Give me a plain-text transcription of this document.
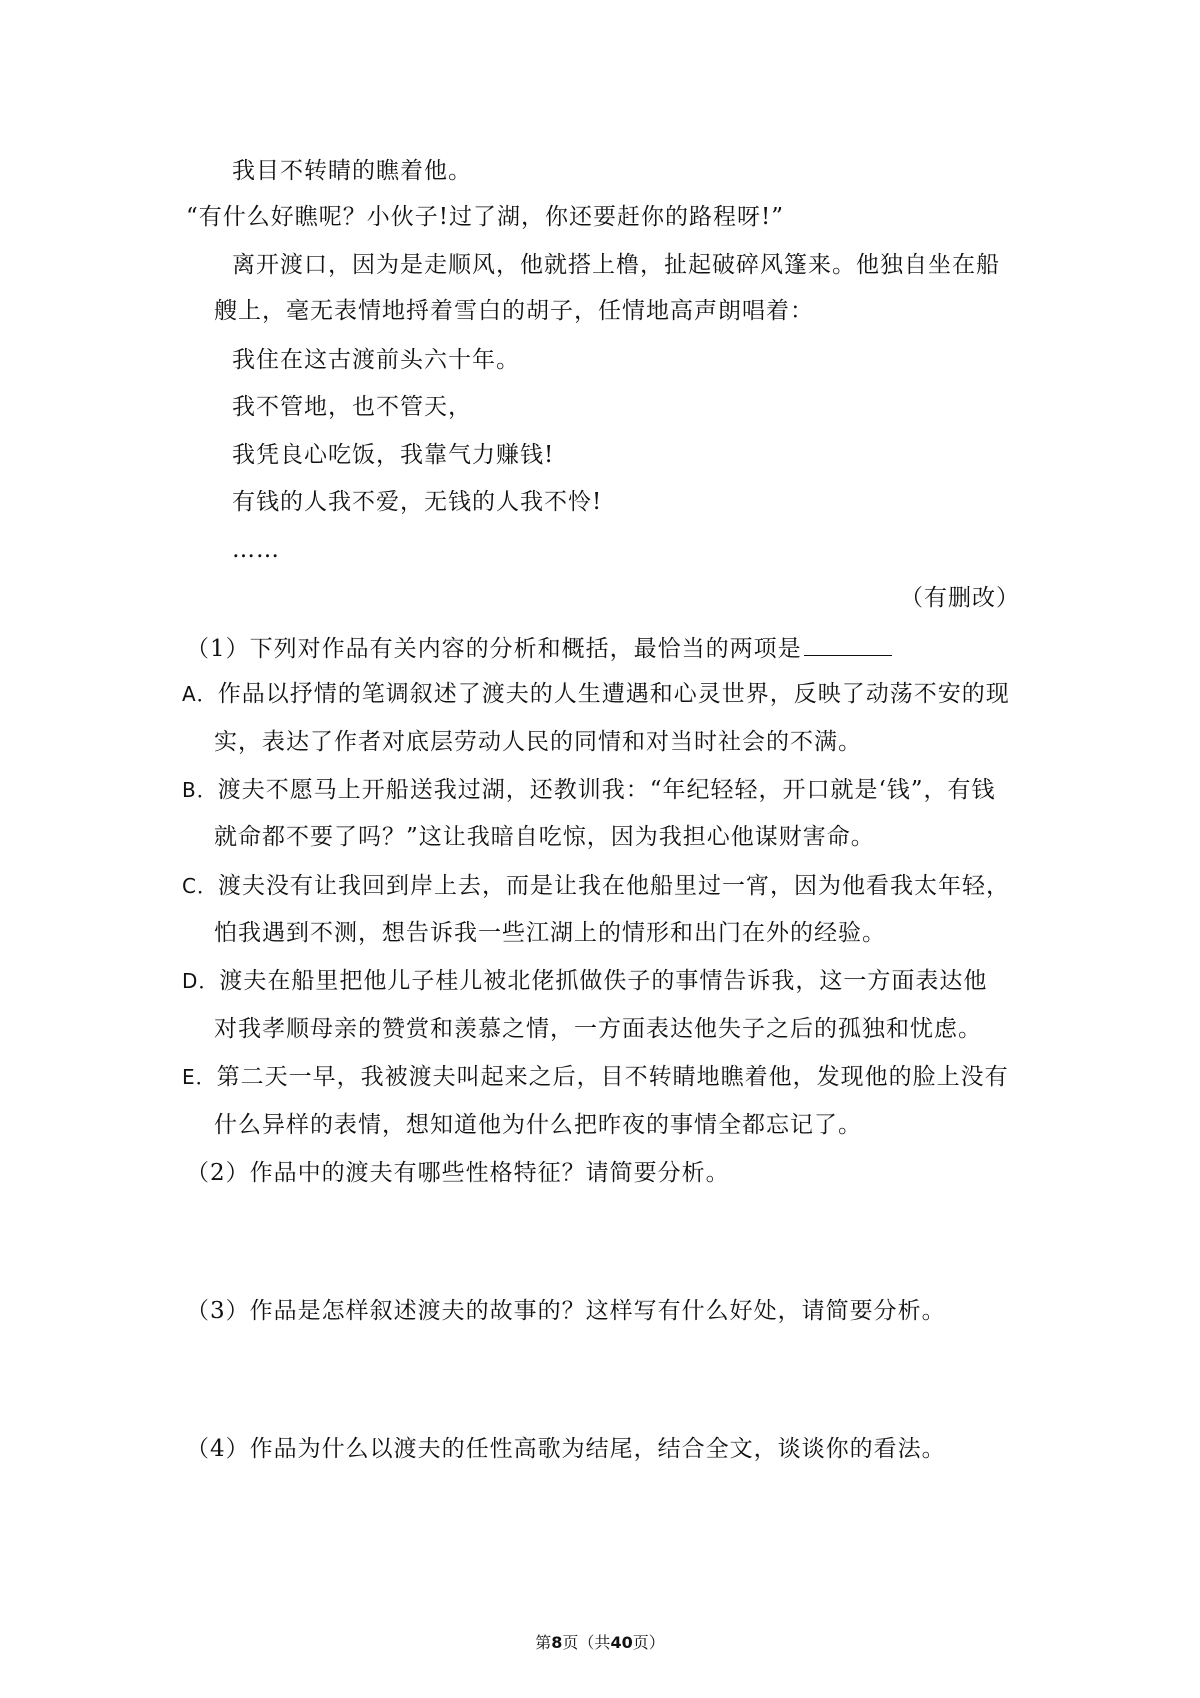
我目不转睛的瞧着他。
“有什么好瞧呢？小伙子!过了湖，你还要赶你的路程呀!”
离开渡口，因为是走顺风，他就搭上橹，扯起破碎风篷来。他独自坐在船
艘上，毫无表情地捋着雪白的胡子，任情地高声朗唱着：
我住在这古渡前头六十年。
我不管地，也不管天，
我凭良心吃饭，我靠气力赚钱!
有钱的人我不爱，无钱的人我不怜!
……
（有删改）
（1）下列对作品有关内容的分析和概括，最恰当的两项是
A．作品以抒情的笔调叙述了渡夫的人生遭遇和心灵世界，反映了动荡不安的现
实，表达了作者对底层劳动人民的同情和对当时社会的不满。
B．渡夫不愿马上开船送我过湖，还教训我：“年纪轻轻，开口就是‘钱”，有钱
就命都不要了吗？”这让我暗自吃惊，因为我担心他谋财害命。
C．渡夫没有让我回到岸上去，而是让我在他船里过一宵，因为他看我太年轻，
怕我遇到不测，想告诉我一些江湖上的情形和出门在外的经验。
D．渡夫在船里把他儿子桂儿被北佬抓做佚子的事情告诉我，这一方面表达他
对我孝顺母亲的赞赏和羡慕之情，一方面表达他失子之后的孤独和忧虑。
E．第二天一早，我被渡夫叫起来之后，目不转睛地瞧着他，发现他的脸上没有
什么异样的表情，想知道他为什么把昨夜的事情全都忘记了。
（2）作品中的渡夫有哪些性格特征？请简要分析。
（3）作品是怎样叙述渡夫的故事的？这样写有什么好处，请简要分析。
（4）作品为什么以渡夫的任性高歌为结尾，结合全文，谈谈你的看法。
第8页（共40页）
